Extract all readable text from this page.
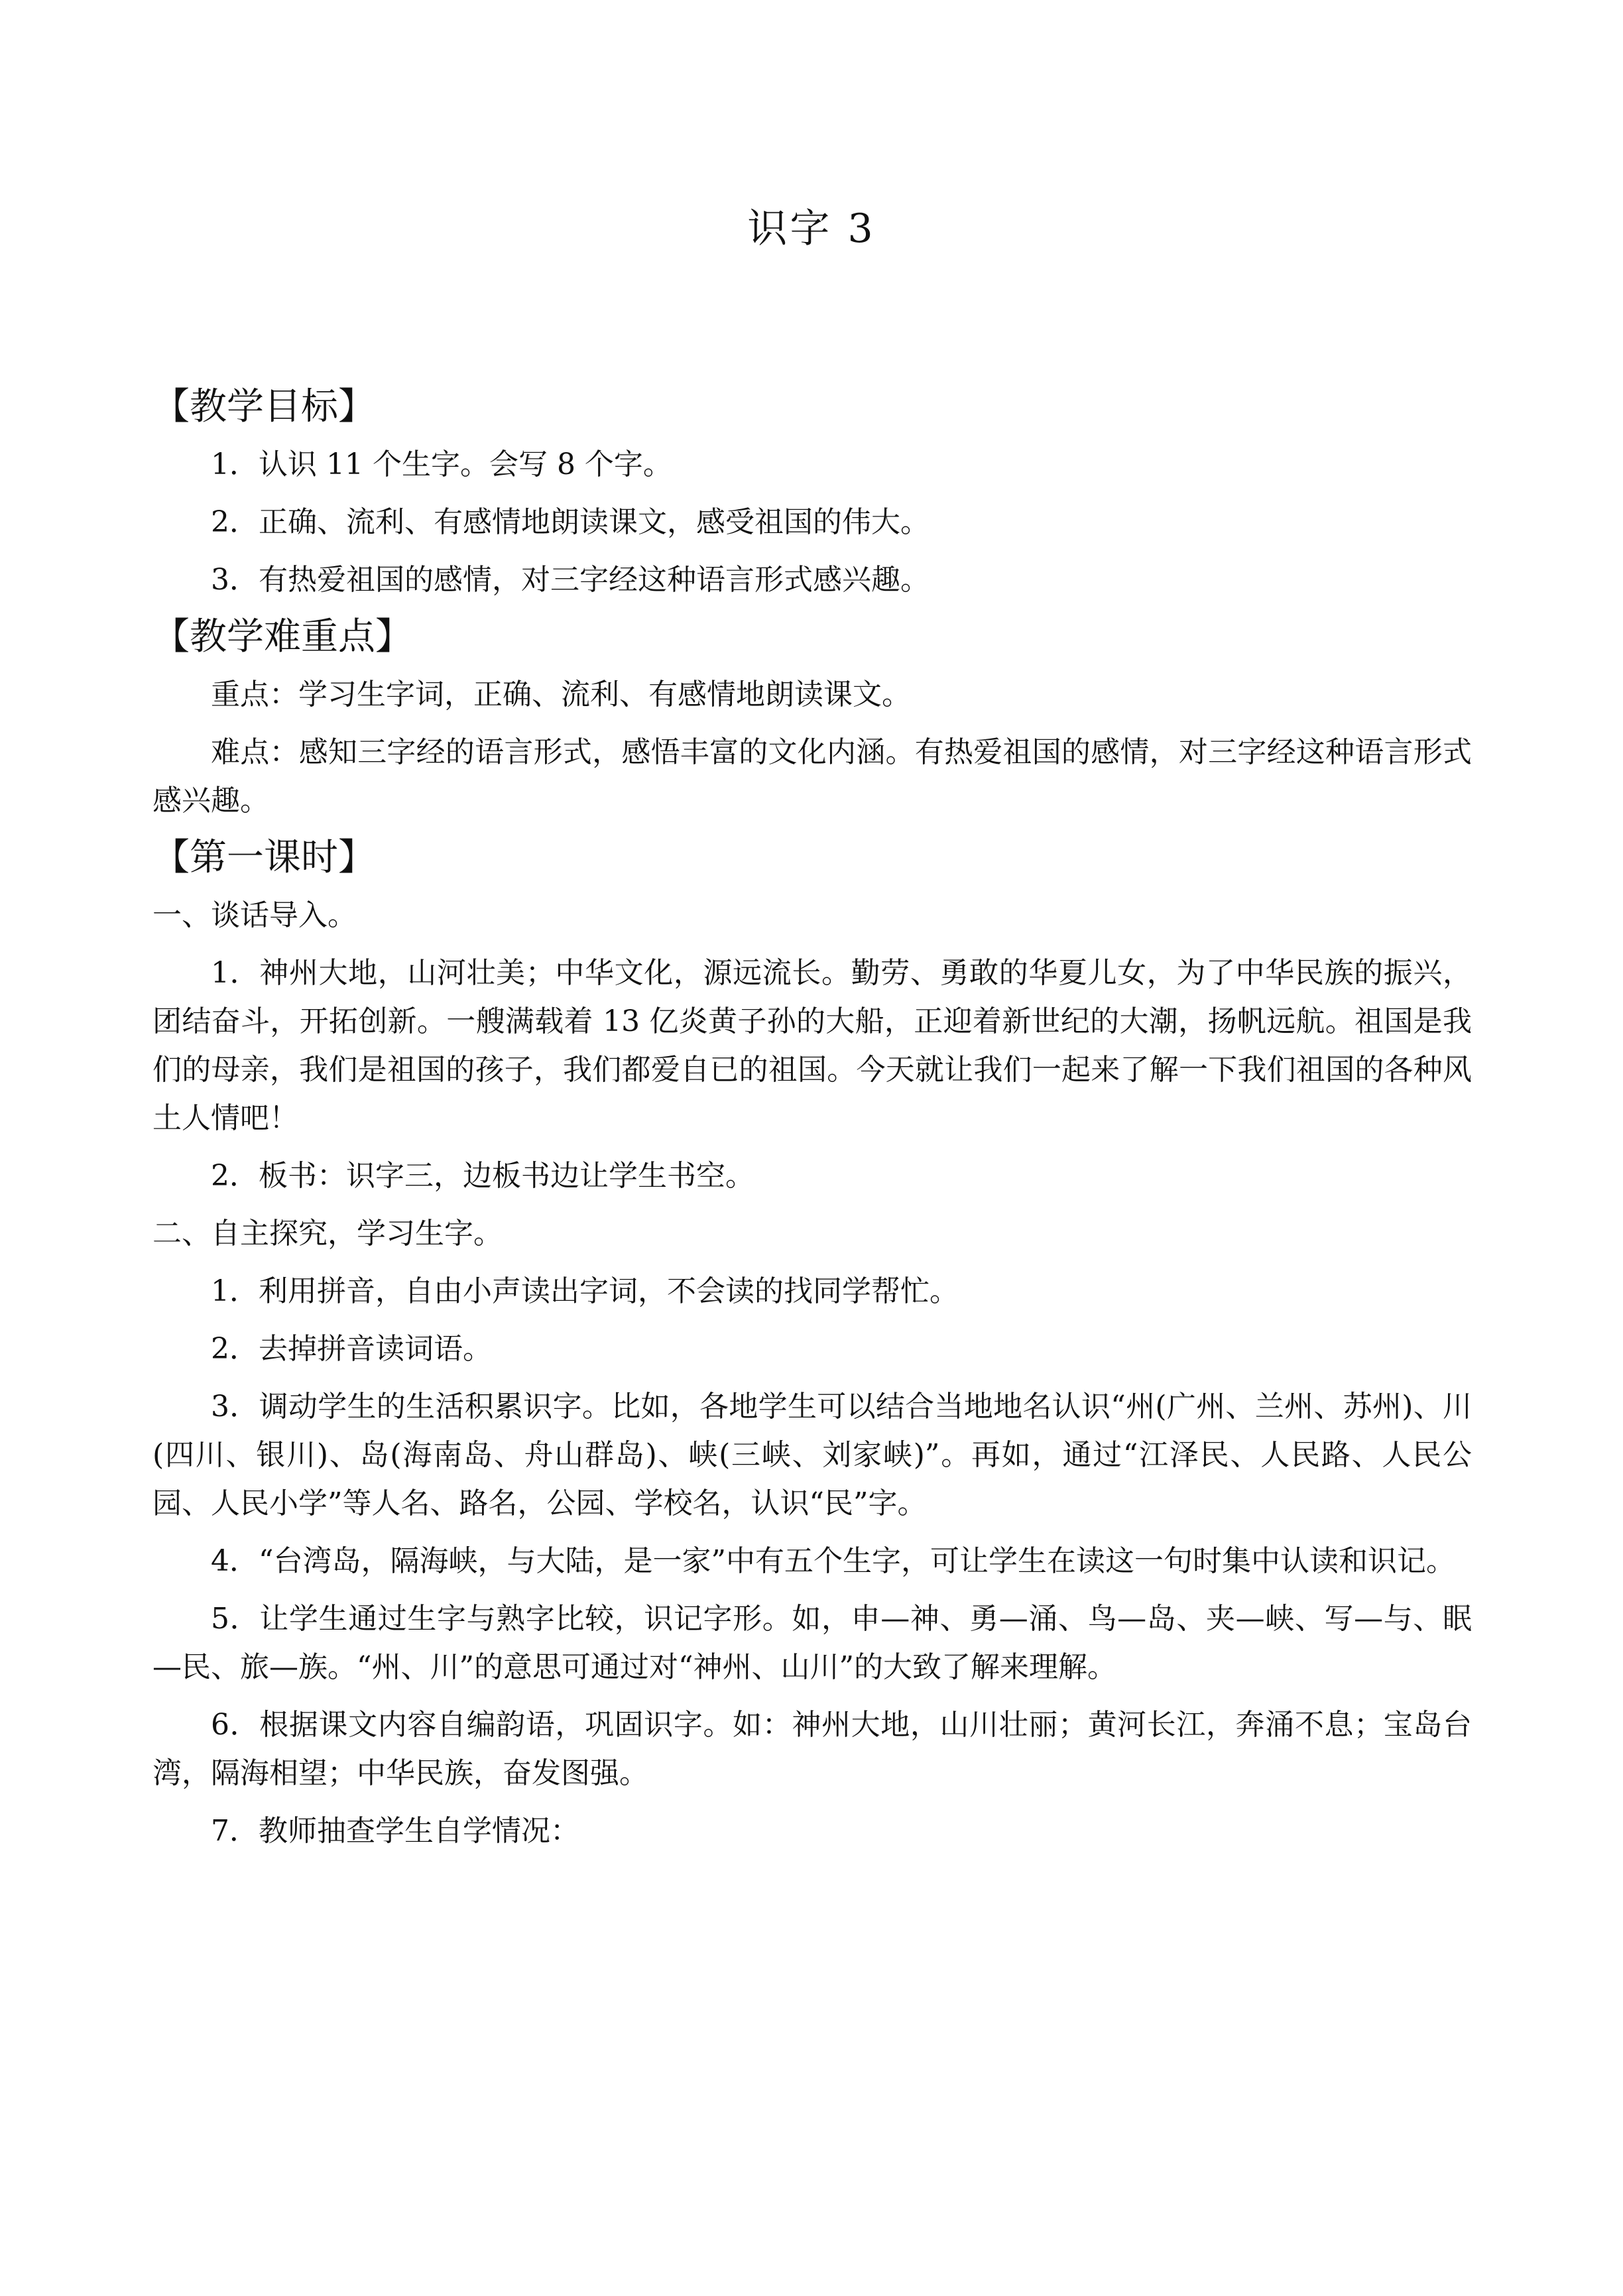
识字 3

【教学目标】

1．认识 11 个生字。会写 8 个字。

2．正确、流利、有感情地朗读课文，感受祖国的伟大。

3．有热爱祖国的感情，对三字经这种语言形式感兴趣。

【教学难重点】

重点：学习生字词，正确、流利、有感情地朗读课文。

难点：感知三字经的语言形式，感悟丰富的文化内涵。有热爱祖国的感情，对三字经这种语言形式感兴趣。

【第一课时】

一、谈话导入。

1．神州大地，山河壮美；中华文化，源远流长。勤劳、勇敢的华夏儿女，为了中华民族的振兴，团结奋斗，开拓创新。一艘满载着 13 亿炎黄子孙的大船，正迎着新世纪的大潮，扬帆远航。祖国是我们的母亲，我们是祖国的孩子，我们都爱自已的祖国。今天就让我们一起来了解一下我们祖国的各种风土人情吧！

2．板书：识字三，边板书边让学生书空。

二、自主探究，学习生字。

1．利用拼音，自由小声读出字词，不会读的找同学帮忙。

2．去掉拼音读词语。

3．调动学生的生活积累识字。比如，各地学生可以结合当地地名认识“州(广州、兰州、苏州)、川(四川、银川)、岛(海南岛、舟山群岛)、峡(三峡、刘家峡)”。再如，通过“江泽民、人民路、人民公园、人民小学”等人名、路名，公园、学校名，认识“民”字。

4．“台湾岛，隔海峡，与大陆，是一家”中有五个生字，可让学生在读这一句时集中认读和识记。

5．让学生通过生字与熟字比较，识记字形。如，申—神、勇—涌、鸟—岛、夹—峡、写—与、眠—民、旅—族。“州、川”的意思可通过对“神州、山川”的大致了解来理解。

6．根据课文内容自编韵语，巩固识字。如：神州大地，山川壮丽；黄河长江，奔涌不息；宝岛台湾，隔海相望；中华民族，奋发图强。

7．教师抽查学生自学情况：
